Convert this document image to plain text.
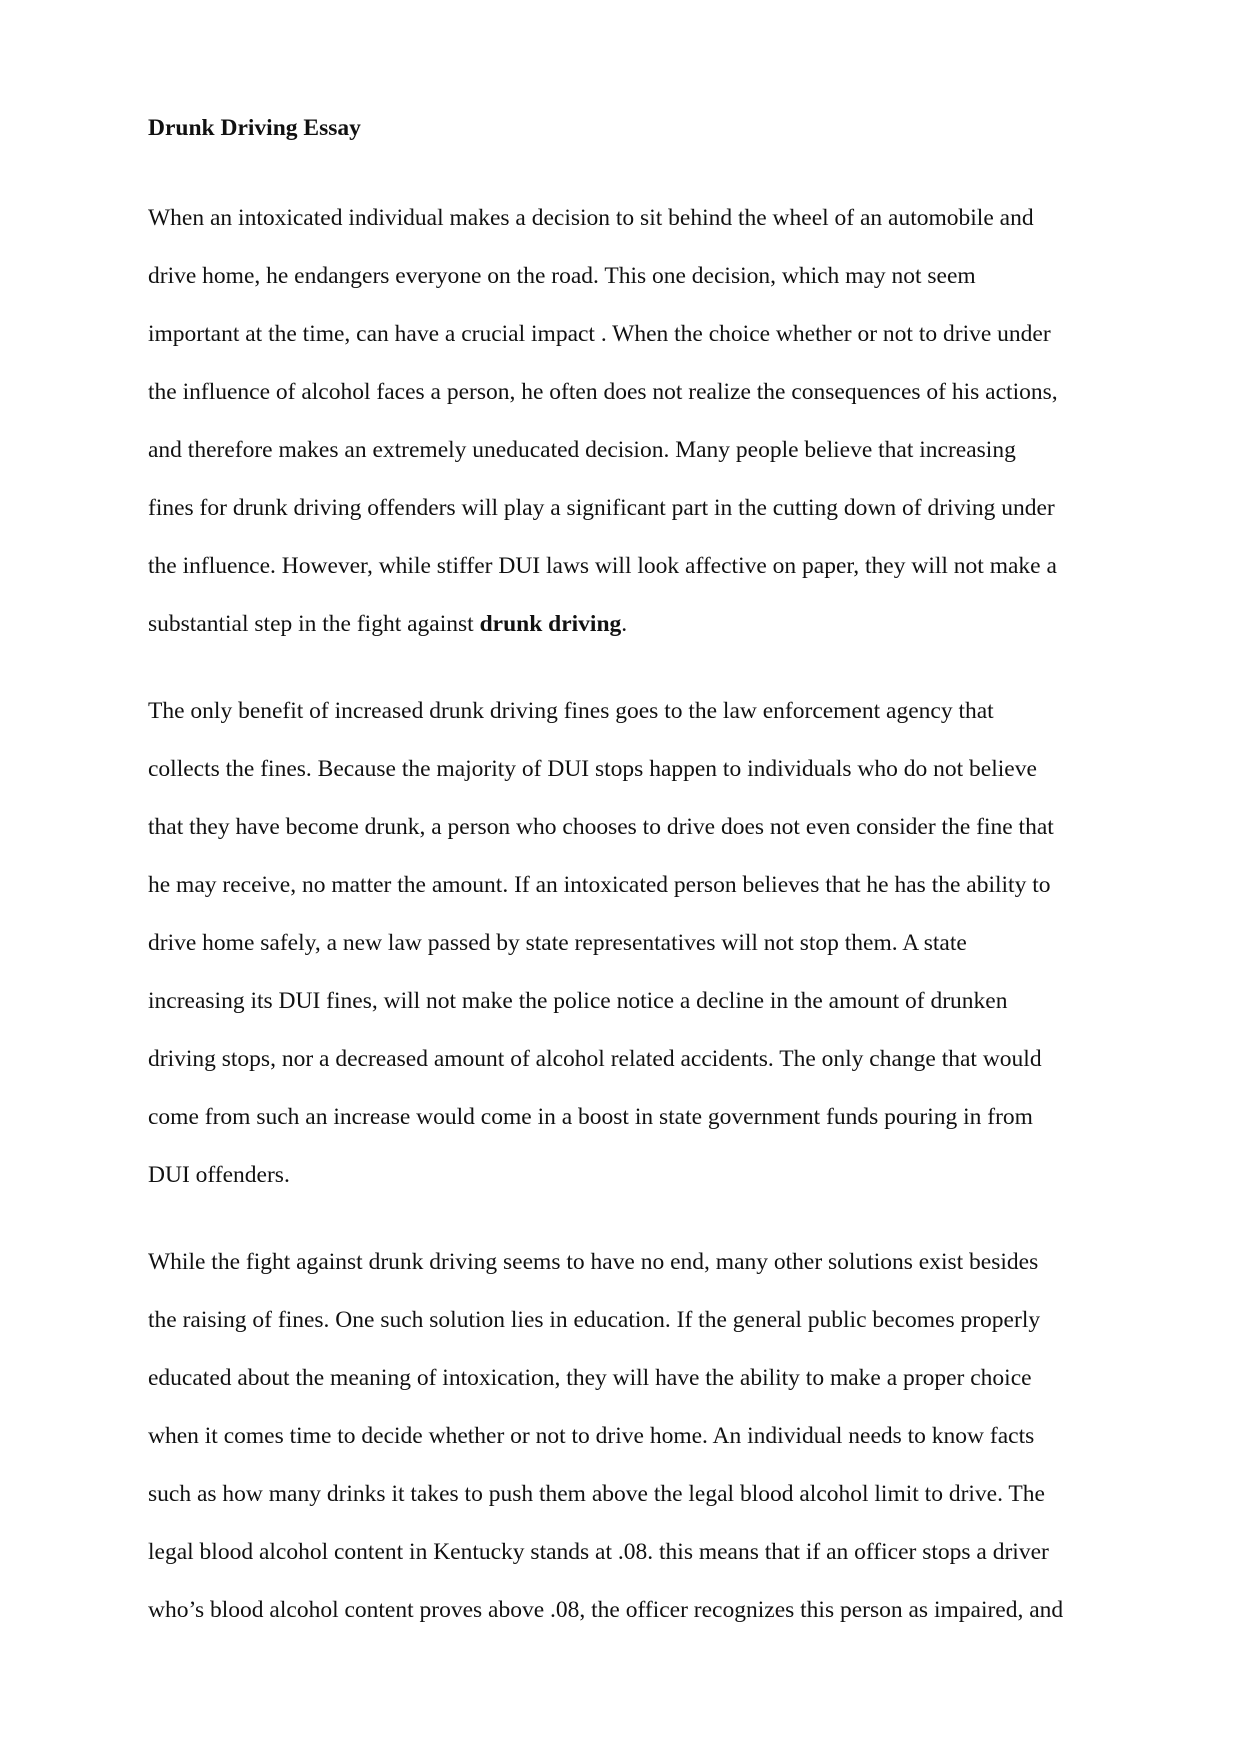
Drunk Driving Essay
When an intoxicated individual makes a decision to sit behind the wheel of an automobile and
drive home, he endangers everyone on the road. This one decision, which may not seem
important at the time, can have a crucial impact . When the choice whether or not to drive under
the influence of alcohol faces a person, he often does not realize the consequences of his actions,
and therefore makes an extremely uneducated decision. Many people believe that increasing
fines for drunk driving offenders will play a significant part in the cutting down of driving under
the influence. However, while stiffer DUI laws will look affective on paper, they will not make a
substantial step in the fight against drunk driving.
The only benefit of increased drunk driving fines goes to the law enforcement agency that
collects the fines. Because the majority of DUI stops happen to individuals who do not believe
that they have become drunk, a person who chooses to drive does not even consider the fine that
he may receive, no matter the amount. If an intoxicated person believes that he has the ability to
drive home safely, a new law passed by state representatives will not stop them. A state
increasing its DUI fines, will not make the police notice a decline in the amount of drunken
driving stops, nor a decreased amount of alcohol related accidents. The only change that would
come from such an increase would come in a boost in state government funds pouring in from
DUI offenders.
While the fight against drunk driving seems to have no end, many other solutions exist besides
the raising of fines. One such solution lies in education. If the general public becomes properly
educated about the meaning of intoxication, they will have the ability to make a proper choice
when it comes time to decide whether or not to drive home. An individual needs to know facts
such as how many drinks it takes to push them above the legal blood alcohol limit to drive. The
legal blood alcohol content in Kentucky stands at .08. this means that if an officer stops a driver
who’s blood alcohol content proves above .08, the officer recognizes this person as impaired, and
